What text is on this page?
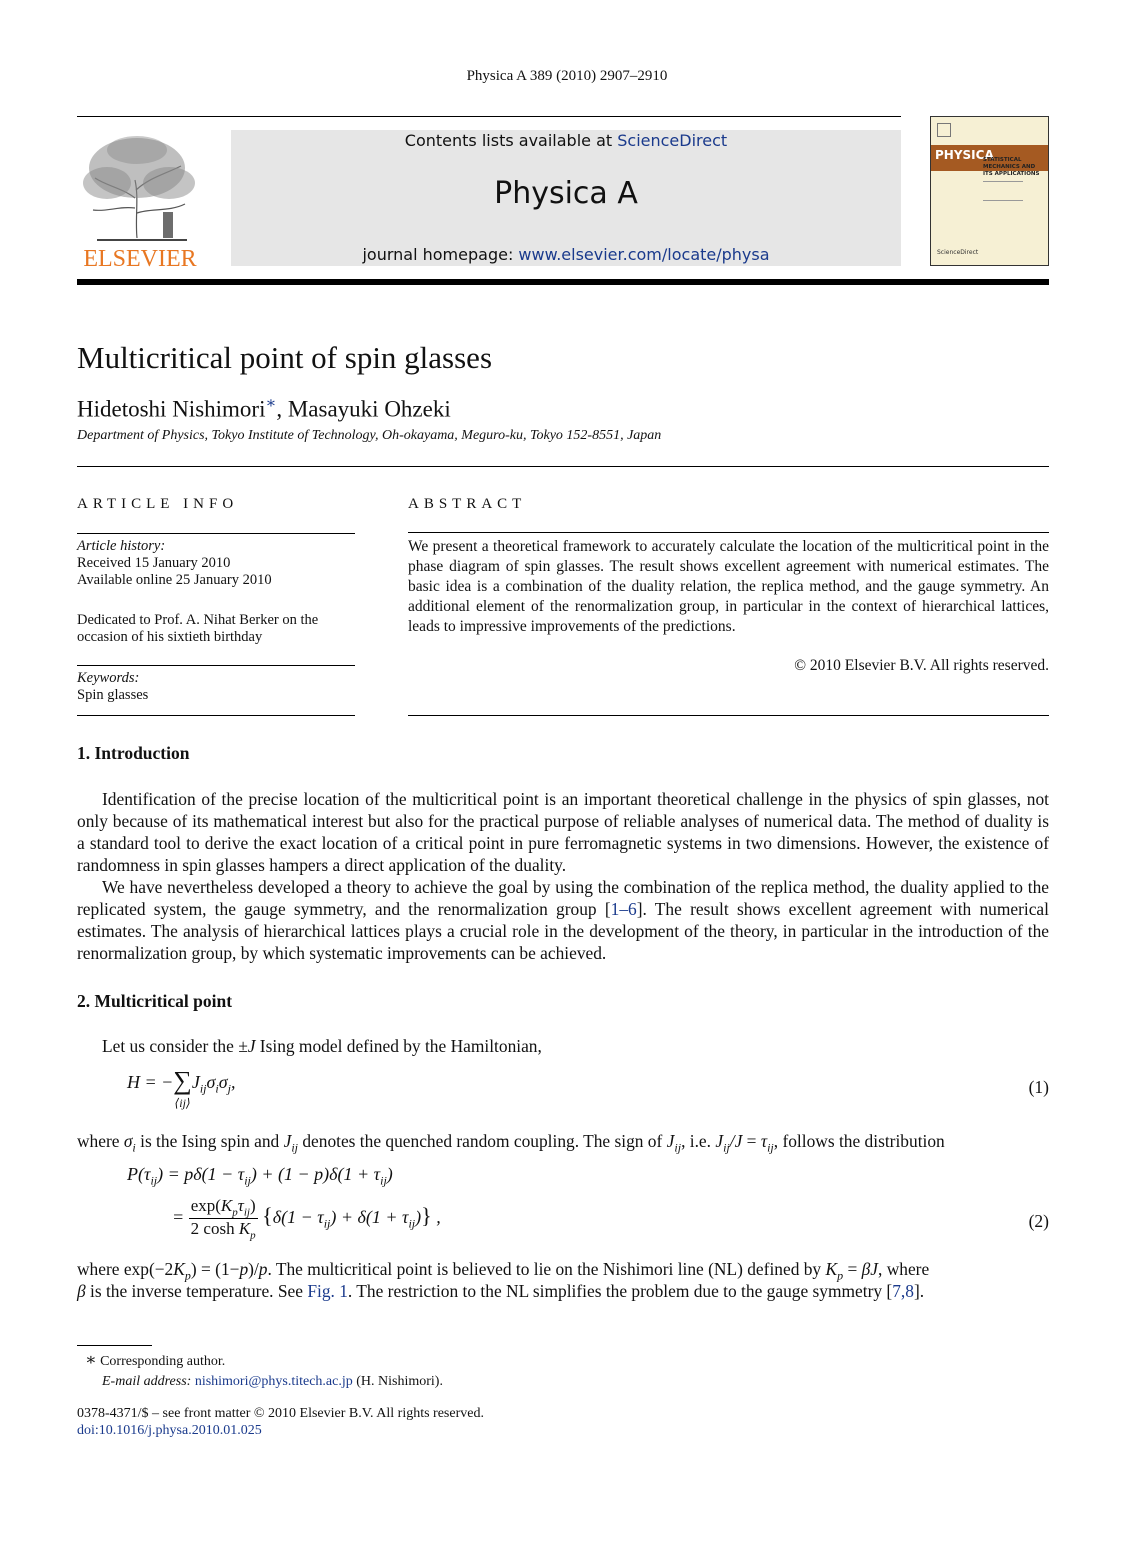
Physica A 389 (2010) 2907–2910
ELSEVIER
Contents lists available at ScienceDirect
Physica A
journal homepage: www.elsevier.com/locate/physa
PHYSICA
STATISTICAL MECHANICS AND ITS APPLICATIONS
ScienceDirect
Multicritical point of spin glasses
Hidetoshi Nishimori∗, Masayuki Ohzeki
Department of Physics, Tokyo Institute of Technology, Oh-okayama, Meguro-ku, Tokyo 152-8551, Japan
ARTICLE INFO
Article history:
Received 15 January 2010
Available online 25 January 2010
Dedicated to Prof. A. Nihat Berker on the
occasion of his sixtieth birthday
Keywords:
Spin glasses
ABSTRACT
We present a theoretical framework to accurately calculate the location of the multicritical point in the phase diagram of spin glasses. The result shows excellent agreement with numerical estimates. The basic idea is a combination of the duality relation, the replica method, and the gauge symmetry. An additional element of the renormalization group, in particular in the context of hierarchical lattices, leads to impressive improvements of the predictions.
© 2010 Elsevier B.V. All rights reserved.
1. Introduction
Identification of the precise location of the multicritical point is an important theoretical challenge in the physics of spin glasses, not only because of its mathematical interest but also for the practical purpose of reliable analyses of numerical data. The method of duality is a standard tool to derive the exact location of a critical point in pure ferromagnetic systems in two dimensions. However, the existence of randomness in spin glasses hampers a direct application of the duality.
We have nevertheless developed a theory to achieve the goal by using the combination of the replica method, the duality applied to the replicated system, the gauge symmetry, and the renormalization group [1–6]. The result shows excellent agreement with numerical estimates. The analysis of hierarchical lattices plays a crucial role in the development of the theory, in particular in the introduction of the renormalization group, by which systematic improvements can be achieved.
2. Multicritical point
Let us consider the ±J Ising model defined by the Hamiltonian,
H = −∑
$⟨ij⟩J_{ij}\sigma_i\sigma_j$,	(1)
where $\sigma_i$ is the Ising spin and $J_{ij}$ denotes the quenched random coupling. The sign of $J_{ij}$, i.e. $J_{ij}/J = \tau_{ij}$, follows the distribution
$P(\tau_{ij}) = p\delta(1 - \tau_{ij}) + (1 - p)\delta(1 + \tau_{ij})$
= $\frac{\exp(K_p\tau_{ij})}{2 \cosh K_p} \{\delta(1 - \tau_{ij}) + \delta(1 + \tau_{ij})\}$ ,	(2)
where $\exp(-2K_p) = (1-p)/p$. The multicritical point is believed to lie on the Nishimori line (NL) defined by $K_p = \beta J$, where
β is the inverse temperature. See Fig. 1. The restriction to the NL simplifies the problem due to the gauge symmetry [7,8].
∗ Corresponding author.
E-mail address: nishimori@phys.titech.ac.jp (H. Nishimori).
0378-4371/$ – see front matter © 2010 Elsevier B.V. All rights reserved.
doi:10.1016/j.physa.2010.01.025
